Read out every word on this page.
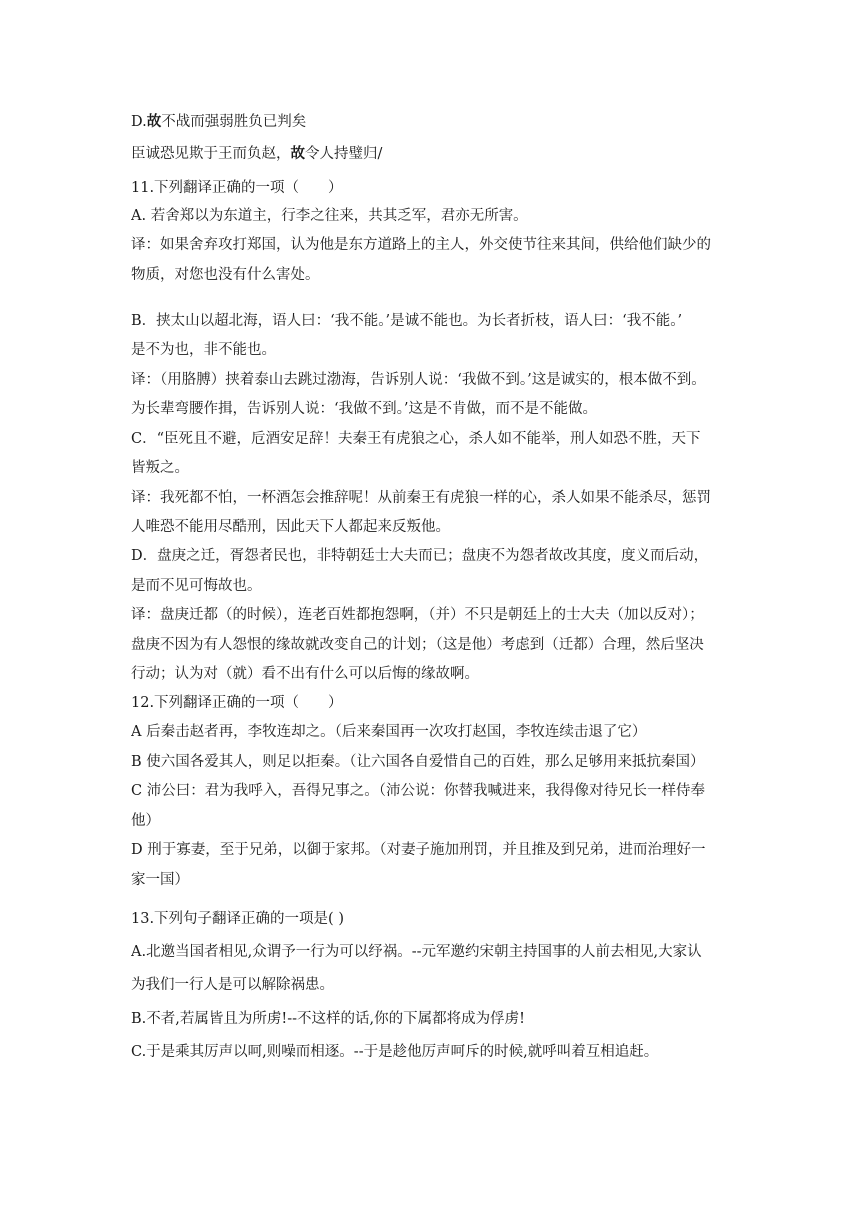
D.故不战而强弱胜负已判矣
臣诚恐见欺于王而负赵，故令人持璧归/
11.下列翻译正确的一项（　　）
A. 若舍郑以为东道主，行李之往来，共其乏军，君亦无所害。
译：如果舍弃攻打郑国，认为他是东方道路上的主人，外交使节往来其间，供给他们缺少的
物质，对您也没有什么害处。
B．挟太山以超北海，语人曰：‘我不能。’是诚不能也。为长者折枝，语人曰：‘我不能。’
是不为也，非不能也。
译：（用胳膊）挟着泰山去跳过渤海，告诉别人说：‘我做不到。’这是诚实的，根本做不到。
为长辈弯腰作揖，告诉别人说：‘我做不到。’这是不肯做，而不是不能做。
C．“臣死且不避，卮酒安足辞！夫秦王有虎狼之心，杀人如不能举，刑人如恐不胜，天下
皆叛之。
译：我死都不怕，一杯酒怎会推辞呢！从前秦王有虎狼一样的心，杀人如果不能杀尽，惩罚
人唯恐不能用尽酷刑，因此天下人都起来反叛他。
D．盘庚之迁，胥怨者民也，非特朝廷士大夫而已；盘庚不为怨者故改其度，度义而后动，
是而不见可悔故也。
译：盘庚迁都（的时候），连老百姓都抱怨啊，（并）不只是朝廷上的士大夫（加以反对）；
盘庚不因为有人怨恨的缘故就改变自己的计划；（这是他）考虑到（迁都）合理，然后坚决
行动；认为对（就）看不出有什么可以后悔的缘故啊。
12.下列翻译正确的一项（　　）
A 后秦击赵者再，李牧连却之。（后来秦国再一次攻打赵国，李牧连续击退了它）
B 使六国各爱其人，则足以拒秦。（让六国各自爱惜自己的百姓，那么足够用来抵抗秦国）
C 沛公曰：君为我呼入，吾得兄事之。（沛公说：你替我喊进来，我得像对待兄长一样侍奉
他）
D 刑于寡妻，至于兄弟，以御于家邦。（对妻子施加刑罚，并且推及到兄弟，进而治理好一
家一国）
13.下列句子翻译正确的一项是( )
A.北邀当国者相见,众谓予一行为可以纾祸。--元军邀约宋朝主持国事的人前去相见,大家认
为我们一行人是可以解除祸患。
B.不者,若属皆且为所虏!--不这样的话,你的下属都将成为俘虏!
C.于是乘其厉声以呵,则噪而相逐。--于是趁他厉声呵斥的时候,就呼叫着互相追赶。
